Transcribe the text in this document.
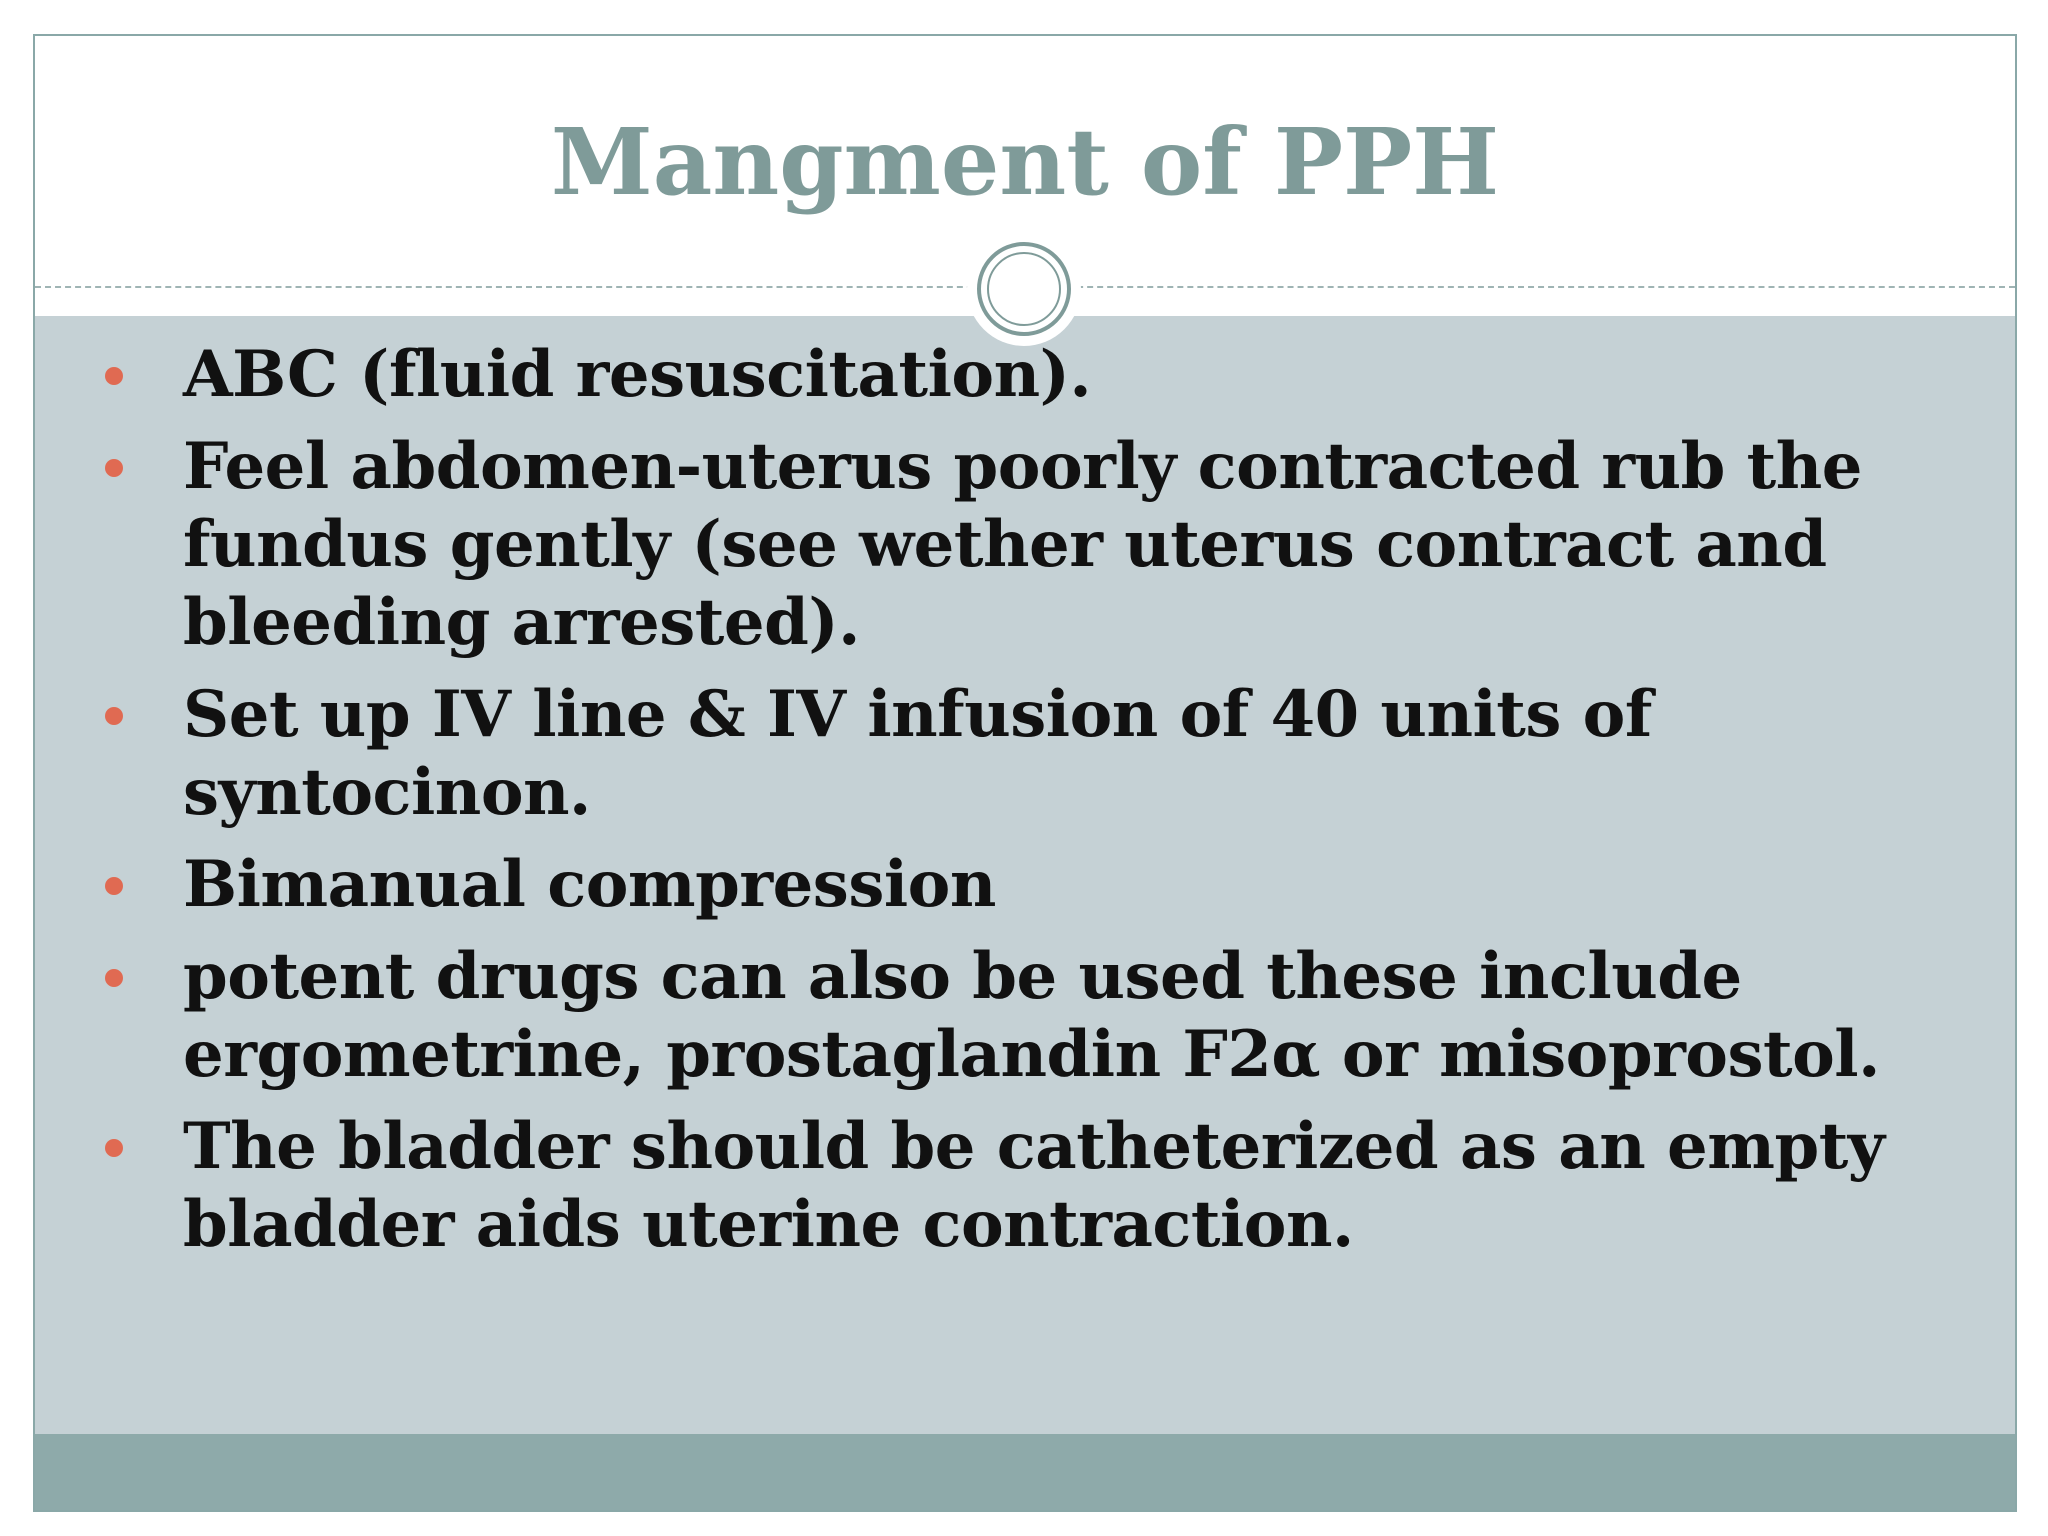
Mangment of PPH
ABC (fluid resuscitation).
Feel abdomen-uterus poorly contracted rub the fundus gently (see wether uterus contract and bleeding arrested).
Set up IV line & IV infusion of 40 units of syntocinon.
Bimanual compression
potent drugs can also be used these include ergometrine, prostaglandin F2α or misoprostol.
The bladder should be catheterized as an empty bladder aids uterine contraction.
